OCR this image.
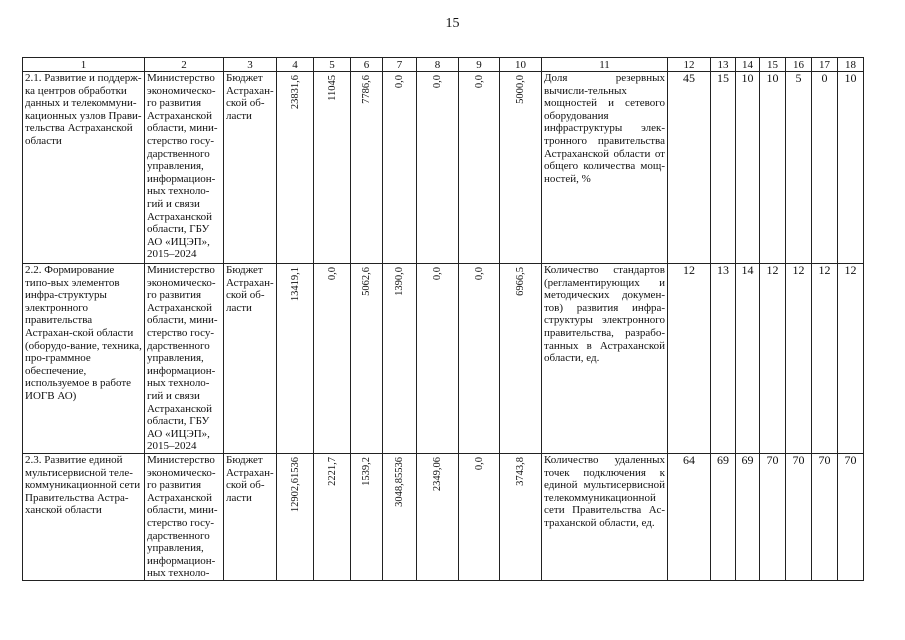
15
1	2	3	4	5	6	7	8	9	10	11	12	13	14	15	16	17	18
2.1. Развитие и поддерж-ка центров обработки данных и телекоммуни-кационных узлов Прави-тельства Астраханской области	Министерство экономическо-го развития Астраханской области, мини-стерство госу-дарственного управления, информацион-ных техноло-гий и связи Астраханской области, ГБУ АО «ИЦЭП», 2015–2024	Бюджет Астрахан-ской об-ласти	23831,6	11045	7786,6	0,0	0,0	0,0	5000,0	Доля резервных вычисли-тельных мощностей и сетевого оборудования инфраструктуры элек-тронного правительства Астраханской области от общего количества мощ-ностей, %	45	15	10	10	5	0	10
2.2. Формирование типо-вых элементов инфра-структуры электронного правительства Астрахан-ской области (оборудо-вание, техника, про-граммное обеспечение, используемое в работе ИОГВ АО)	Министерство экономическо-го развития Астраханской области, мини-стерство госу-дарственного управления, информацион-ных техноло-гий и связи Астраханской области, ГБУ АО «ИЦЭП», 2015–2024	Бюджет Астрахан-ской об-ласти	13419,1	0,0	5062,6	1390,0	0,0	0,0	6966,5	Количество стандартов (регламентирующих и методических докумен-тов) развития инфра-структуры электронного правительства, разрабо-танных в Астраханской области, ед.	12	13	14	12	12	12	12
2.3. Развитие единой мультисервисной теле-коммуникационной сети Правительства Астра-ханской области	Министерство экономическо-го развития Астраханской области, мини-стерство госу-дарственного управления, информацион-ных техноло-	Бюджет Астрахан-ской об-ласти	12902,61536	2221,7	1539,2	3048,85536	2349,06	0,0	3743,8	Количество удаленных точек подключения к единой мультисервисной телекоммуникационной сети Правительства Ас-траханской области, ед.	64	69	69	70	70	70	70
